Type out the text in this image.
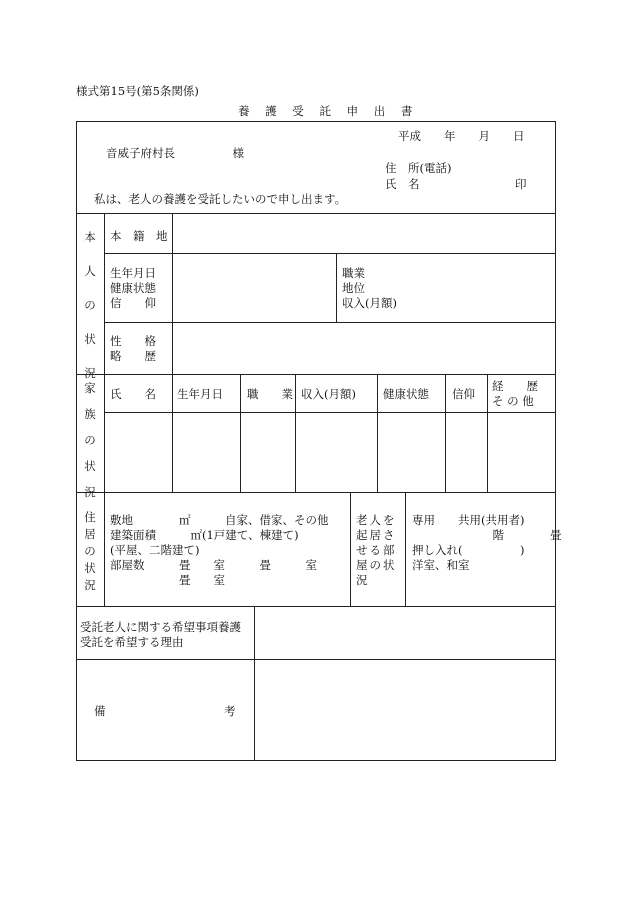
様式第15号(第5条関係)
養 護 受 託 申 出 書
平成　　年　　月　　日
音威子府村長　　　　　様
住　所(電話)
氏　名	印
私は、老人の養護を受託したいので申し出ます。
本
人
の
状
況
本　籍　地
生年月日
健康状態
信　　仰
職業
地位
収入(月額)
性　　格
略　　歴
家
族
の
状
況
氏　　名 生年月日 職　　業 収入(月額) 健康状態 信仰
経　　歴
そ の 他
住
居
の
状
況
敷地　　　　㎡　　　自家、借家、その他
建築面積　　　㎡(1戸建て、棟建て)
(平屋、二階建て)
部屋数　　　畳　　室　　　畳　　　室
　　　　　　畳　　室
老人を
起居さ
せる部
屋の状
況
専用　　共用(共用者)
　　　　　　　階　　　　畳
押し入れ(　　　　　)
洋室、和室
受託老人に関する希望事項養護
受託を希望する理由
備	考
